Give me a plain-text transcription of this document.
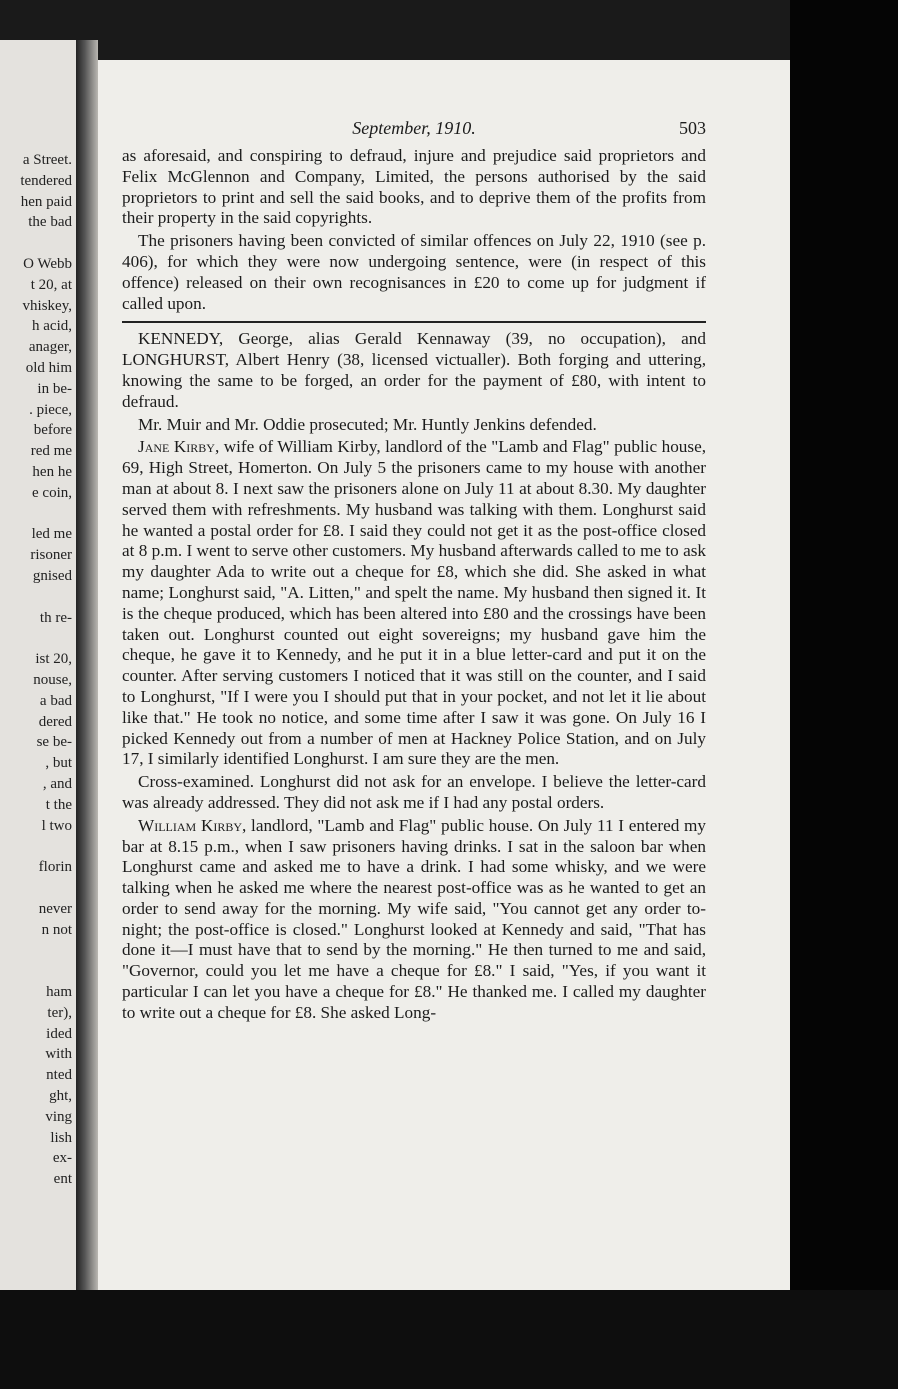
a Street.
tendered
hen paid
the bad
O Webb
t 20, at
vhiskey,
h acid,
anager,
old him
in be-
. piece,
before
red me
hen he
e coin,
led me
risoner
gnised
th re-
ist 20,
nouse,
a bad
dered
se be-
, but
, and
t the
l two
florin
never
n not
ham
ter),
ided
with
nted
ght,
ving
lish
ex-
ent
September, 1910.	503

as aforesaid, and conspiring to defraud, injure and prejudice said proprietors and Felix McGlennon and Company, Limited, the persons authorised by the said proprietors to print and sell the said books, and to deprive them of the profits from their property in the said copyrights.

The prisoners having been convicted of similar offences on July 22, 1910 (see p. 406), for which they were now undergoing sentence, were (in respect of this offence) released on their own recognisances in £20 to come up for judgment if called upon.

KENNEDY, George, alias Gerald Kennaway (39, no occupation), and LONGHURST, Albert Henry (38, licensed victualler). Both forging and uttering, knowing the same to be forged, an order for the payment of £80, with intent to defraud.

Mr. Muir and Mr. Oddie prosecuted; Mr. Huntly Jenkins defended.

Jane Kirby, wife of William Kirby, landlord of the "Lamb and Flag" public house, 69, High Street, Homerton. On July 5 the prisoners came to my house with another man at about 8. I next saw the prisoners alone on July 11 at about 8.30. My daughter served them with refreshments. My husband was talking with them. Longhurst said he wanted a postal order for £8. I said they could not get it as the post-office closed at 8 p.m. I went to serve other customers. My husband afterwards called to me to ask my daughter Ada to write out a cheque for £8, which she did. She asked in what name; Longhurst said, "A. Litten," and spelt the name. My husband then signed it. It is the cheque produced, which has been altered into £80 and the crossings have been taken out. Longhurst counted out eight sovereigns; my husband gave him the cheque, he gave it to Kennedy, and he put it in a blue letter-card and put it on the counter. After serving customers I noticed that it was still on the counter, and I said to Longhurst, "If I were you I should put that in your pocket, and not let it lie about like that." He took no notice, and some time after I saw it was gone. On July 16 I picked Kennedy out from a number of men at Hackney Police Station, and on July 17, I similarly identified Longhurst. I am sure they are the men.

Cross-examined. Longhurst did not ask for an envelope. I believe the letter-card was already addressed. They did not ask me if I had any postal orders.

William Kirby, landlord, "Lamb and Flag" public house. On July 11 I entered my bar at 8.15 p.m., when I saw prisoners having drinks. I sat in the saloon bar when Longhurst came and asked me to have a drink. I had some whisky, and we were talking when he asked me where the nearest post-office was as he wanted to get an order to send away for the morning. My wife said, "You cannot get any order to-night; the post-office is closed." Longhurst looked at Kennedy and said, "That has done it—I must have that to send by the morning." He then turned to me and said, "Governor, could you let me have a cheque for £8." I said, "Yes, if you want it particular I can let you have a cheque for £8." He thanked me. I called my daughter to write out a cheque for £8. She asked Long-
